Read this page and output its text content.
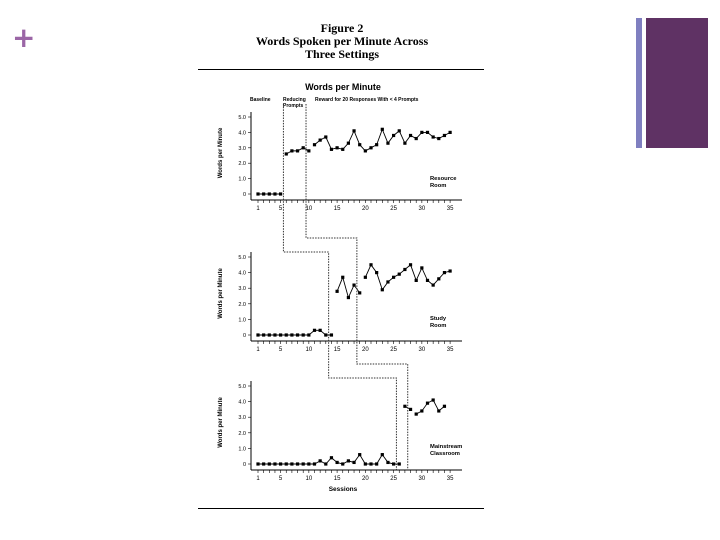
+	Figure 2
Words Spoken per Minute Across
Three Settings
Words per Minute
Baseline Reducing Prompts
Reward for 20 Responses With < 4 Prompts
1	5	10	15	20	25	30	35
0
1.0
2.0
3.0
4.0
5.0
Words per Minute
Resource
Room
1	5	10	15	20	25	30	35
0
1.0
2.0
3.0
4.0
5.0
Words per Minute
Study
Room
1	5	10	15	20	25	30	35
0
1.0
2.0
3.0
4.0
5.0
Words per Minute	Mainstream
Classroom
Sessions
